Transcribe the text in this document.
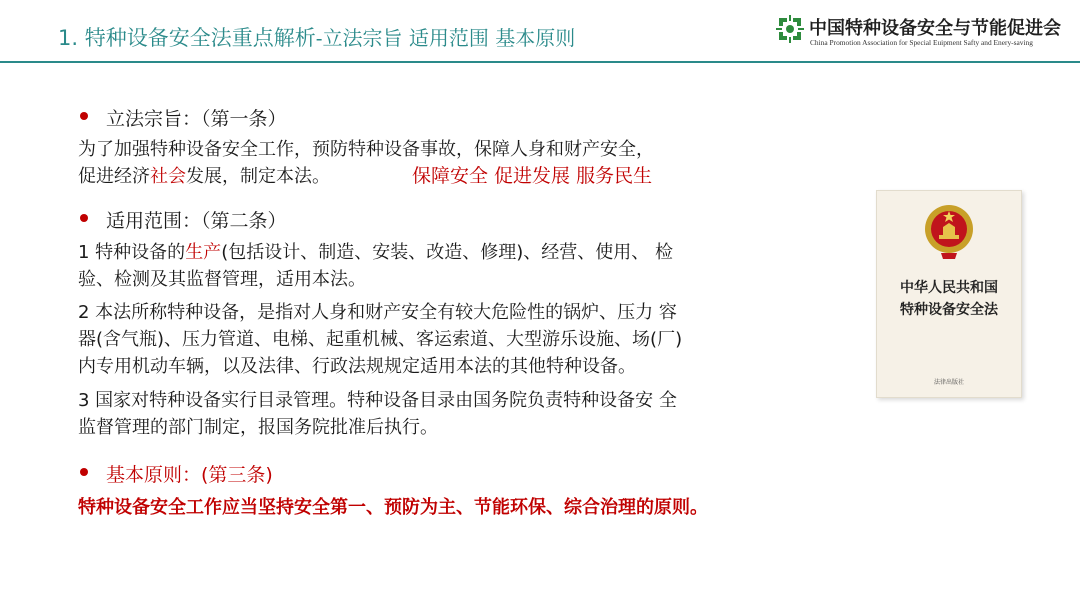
1. 特种设备安全法重点解析-立法宗旨 适用范围 基本原则	中国特种设备安全与节能促进会
China Promotion Association for Special Euipment Safty and Enery-saving
立法宗旨：（第一条）
为了加强特种设备安全工作，预防特种设备事故，保障人身和财产安全，
促进经济社会发展，制定本法。	保障安全 促进发展 服务民生
适用范围：（第二条）
1 特种设备的生产(包括设计、制造、安装、改造、修理)、经营、使用、 检
验、检测及其监督管理，适用本法。
2 本法所称特种设备，是指对人身和财产安全有较大危险性的锅炉、压力 容
器(含气瓶)、压力管道、电梯、起重机械、客运索道、大型游乐设施、场(厂)
内专用机动车辆，以及法律、行政法规规定适用本法的其他特种设备。
3 国家对特种设备实行目录管理。特种设备目录由国务院负责特种设备安 全
监督管理的部门制定，报国务院批准后执行。
基本原则：(第三条)
特种设备安全工作应当坚持安全第一、预防为主、节能环保、综合治理的原则。
中华人民共和国
特种设备安全法
法律出版社
